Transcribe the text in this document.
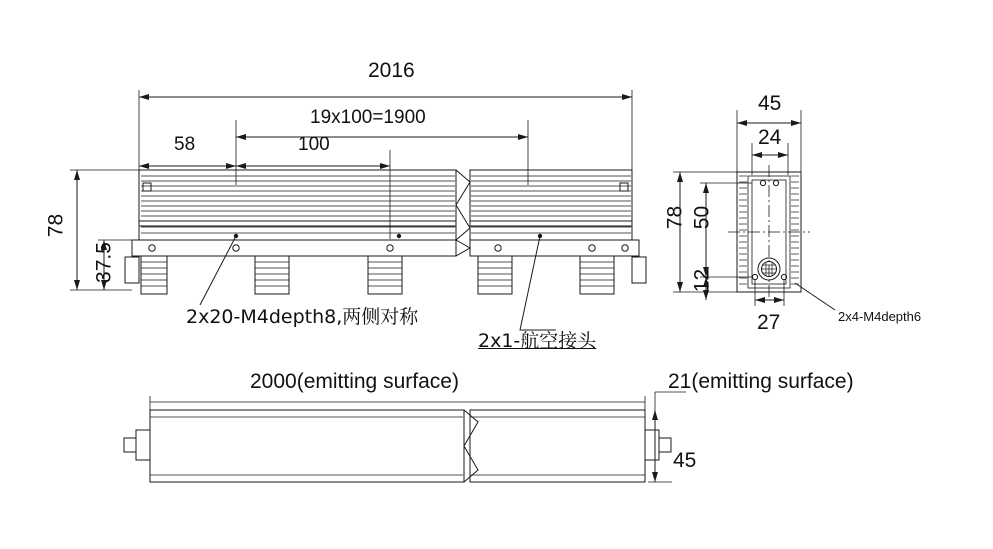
2016
19x100=1900
100
58
78
37.5
2x20-M4depth8,两侧对称
2x1-航空接头
45
24
78 50
12
27	2x4-M4depth6
2000(emitting surface)	21(emitting surface)
45
